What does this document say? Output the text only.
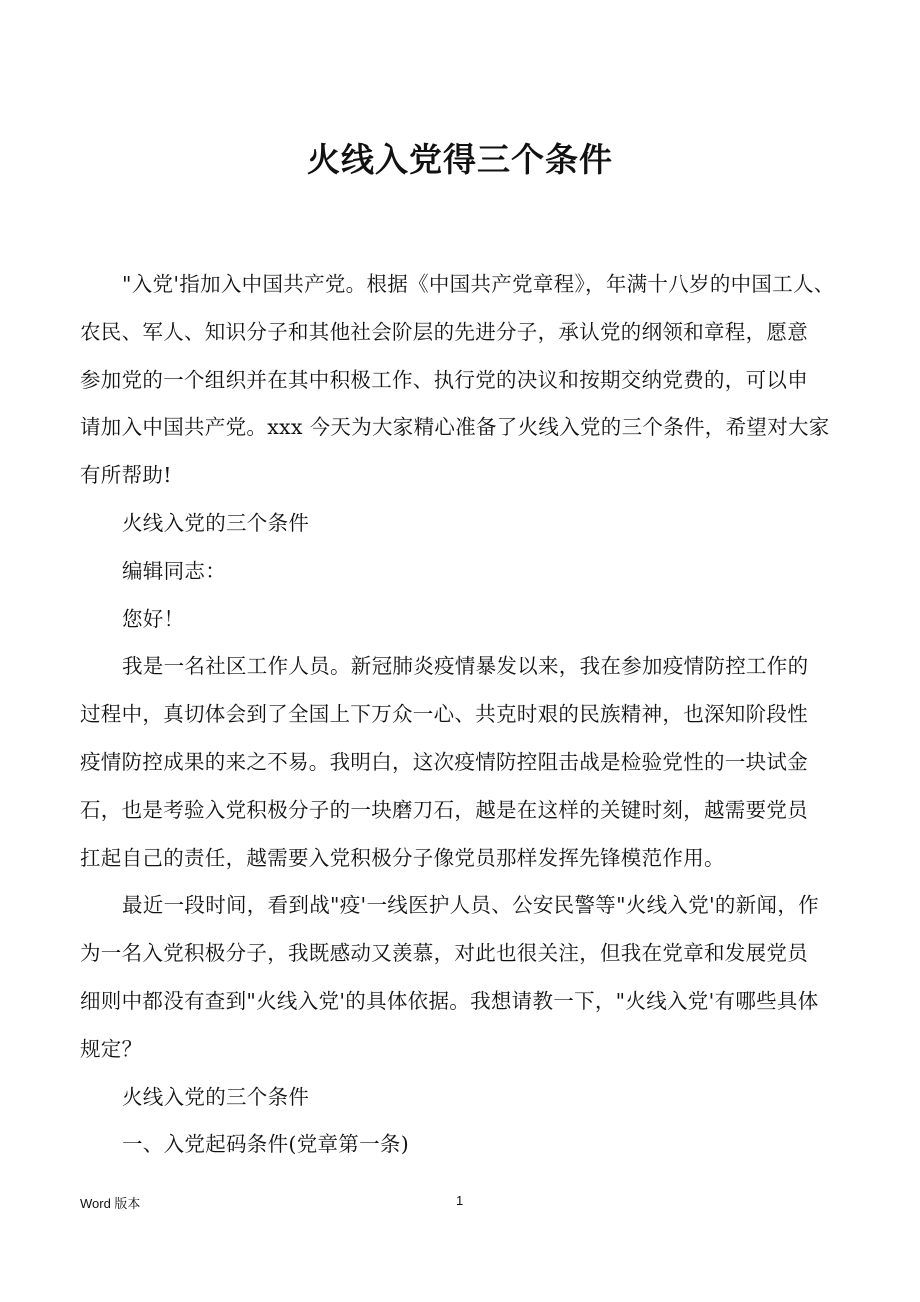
火线入党得三个条件
"入党'指加入中国共产党。根据《中国共产党章程》，年满十八岁的中国工人、
农民、军人、知识分子和其他社会阶层的先进分子，承认党的纲领和章程，愿意
参加党的一个组织并在其中积极工作、执行党的决议和按期交纳党费的，可以申
请加入中国共产党。xxx 今天为大家精心准备了火线入党的三个条件，希望对大家
有所帮助!
火线入党的三个条件
编辑同志：
您好！
我是一名社区工作人员。新冠肺炎疫情暴发以来，我在参加疫情防控工作的
过程中，真切体会到了全国上下万众一心、共克时艰的民族精神，也深知阶段性
疫情防控成果的来之不易。我明白，这次疫情防控阻击战是检验党性的一块试金
石，也是考验入党积极分子的一块磨刀石，越是在这样的关键时刻，越需要党员
扛起自己的责任，越需要入党积极分子像党员那样发挥先锋模范作用。
最近一段时间，看到战"疫'一线医护人员、公安民警等"火线入党'的新闻，作
为一名入党积极分子，我既感动又羡慕，对此也很关注，但我在党章和发展党员
细则中都没有查到"火线入党'的具体依据。我想请教一下，"火线入党'有哪些具体
规定？
火线入党的三个条件
一、入党起码条件(党章第一条)
Word 版本	1
